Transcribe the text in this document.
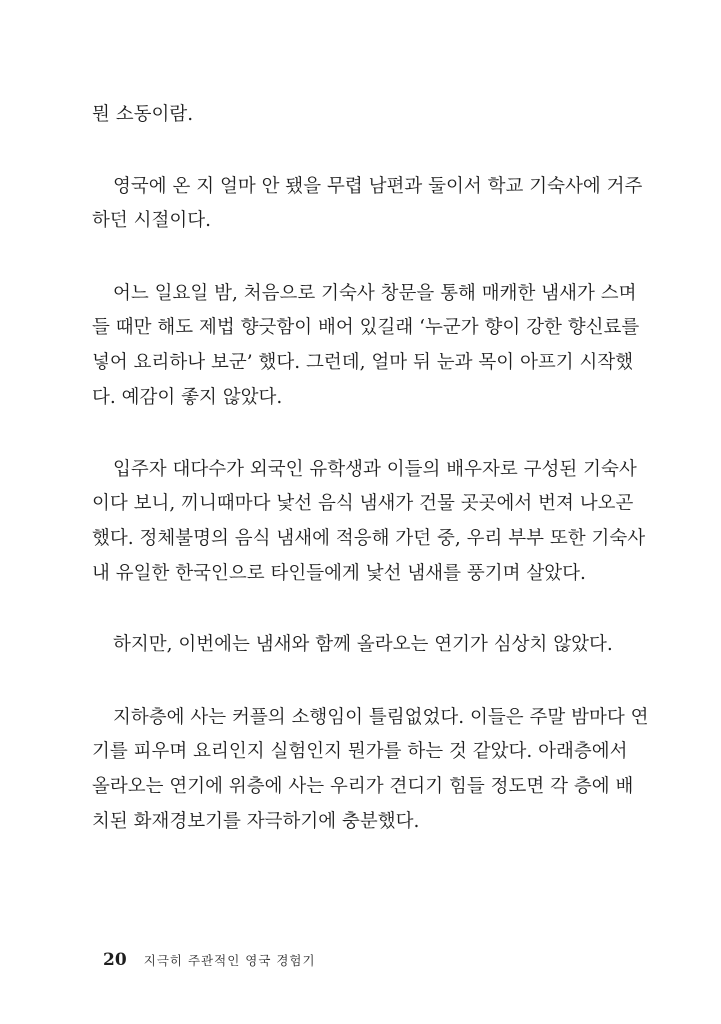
뭔 소동이람.
영국에 온 지 얼마 안 됐을 무렵 남편과 둘이서 학교 기숙사에 거주
하던 시절이다.
어느 일요일 밤, 처음으로 기숙사 창문을 통해 매캐한 냄새가 스며
들 때만 해도 제법 향긋함이 배어 있길래 ‘누군가 향이 강한 향신료를
넣어 요리하나 보군’ 했다. 그런데, 얼마 뒤 눈과 목이 아프기 시작했
다. 예감이 좋지 않았다.
입주자 대다수가 외국인 유학생과 이들의 배우자로 구성된 기숙사
이다 보니, 끼니때마다 낯선 음식 냄새가 건물 곳곳에서 번져 나오곤
했다. 정체불명의 음식 냄새에 적응해 가던 중, 우리 부부 또한 기숙사
내 유일한 한국인으로 타인들에게 낯선 냄새를 풍기며 살았다.
하지만, 이번에는 냄새와 함께 올라오는 연기가 심상치 않았다.
지하층에 사는 커플의 소행임이 틀림없었다. 이들은 주말 밤마다 연
기를 피우며 요리인지 실험인지 뭔가를 하는 것 같았다. 아래층에서
올라오는 연기에 위층에 사는 우리가 견디기 힘들 정도면 각 층에 배
치된 화재경보기를 자극하기에 충분했다.
20 지극히 주관적인 영국 경험기
